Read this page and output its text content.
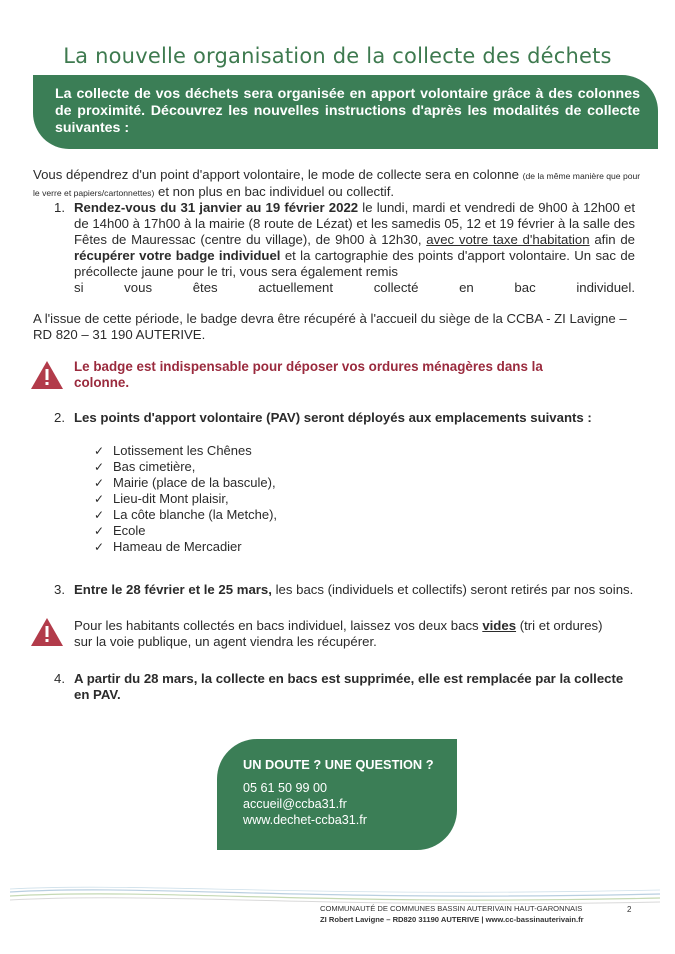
La nouvelle organisation de la collecte des déchets
La collecte de vos déchets sera organisée en apport volontaire grâce à des colonnes de proximité. Découvrez les nouvelles instructions d'après les modalités de collecte suivantes :
Vous dépendrez d'un point d'apport volontaire, le mode de collecte sera en colonne (de la même manière que pour le verre et papiers/cartonnettes) et non plus en bac individuel ou collectif.
1. Rendez-vous du 31 janvier au 19 février 2022 le lundi, mardi et vendredi de 9h00 à 12h00 et de 14h00 à 17h00 à la mairie (8 route de Lézat) et les samedis 05, 12 et 19 février à la salle des Fêtes de Mauressac (centre du village), de 9h00 à 12h30, avec votre taxe d'habitation afin de récupérer votre badge individuel et la cartographie des points d'apport volontaire. Un sac de précollecte jaune pour le tri, vous sera également remis
si vous êtes actuellement collecté en bac individuel.
A l'issue de cette période, le badge devra être récupéré à l'accueil du siège de la CCBA - ZI Lavigne – RD 820 – 31 190 AUTERIVE.
Le badge est indispensable pour déposer vos ordures ménagères dans la colonne.
2. Les points d'apport volontaire (PAV) seront déployés aux emplacements suivants :
✓ Lotissement les Chênes
✓ Bas cimetière,
✓ Mairie (place de la bascule),
✓ Lieu-dit Mont plaisir,
✓ La côte blanche (la Metche),
✓ Ecole
✓ Hameau de Mercadier
3. Entre le 28 février et le 25 mars, les bacs (individuels et collectifs) seront retirés par nos soins.
Pour les habitants collectés en bacs individuel, laissez vos deux bacs vides (tri et ordures) sur la voie publique, un agent viendra les récupérer.
4. A partir du 28 mars, la collecte en bacs est supprimée, elle est remplacée par la collecte en PAV.
UN DOUTE ? UNE QUESTION ?
05 61 50 99 00
accueil@ccba31.fr
www.dechet-ccba31.fr
COMMUNAUTÉ DE COMMUNES BASSIN AUTERIVAIN HAUT-GARONNAIS
ZI Robert Lavigne – RD820 31190 AUTERIVE | www.cc-bassinauterivain.fr
2
